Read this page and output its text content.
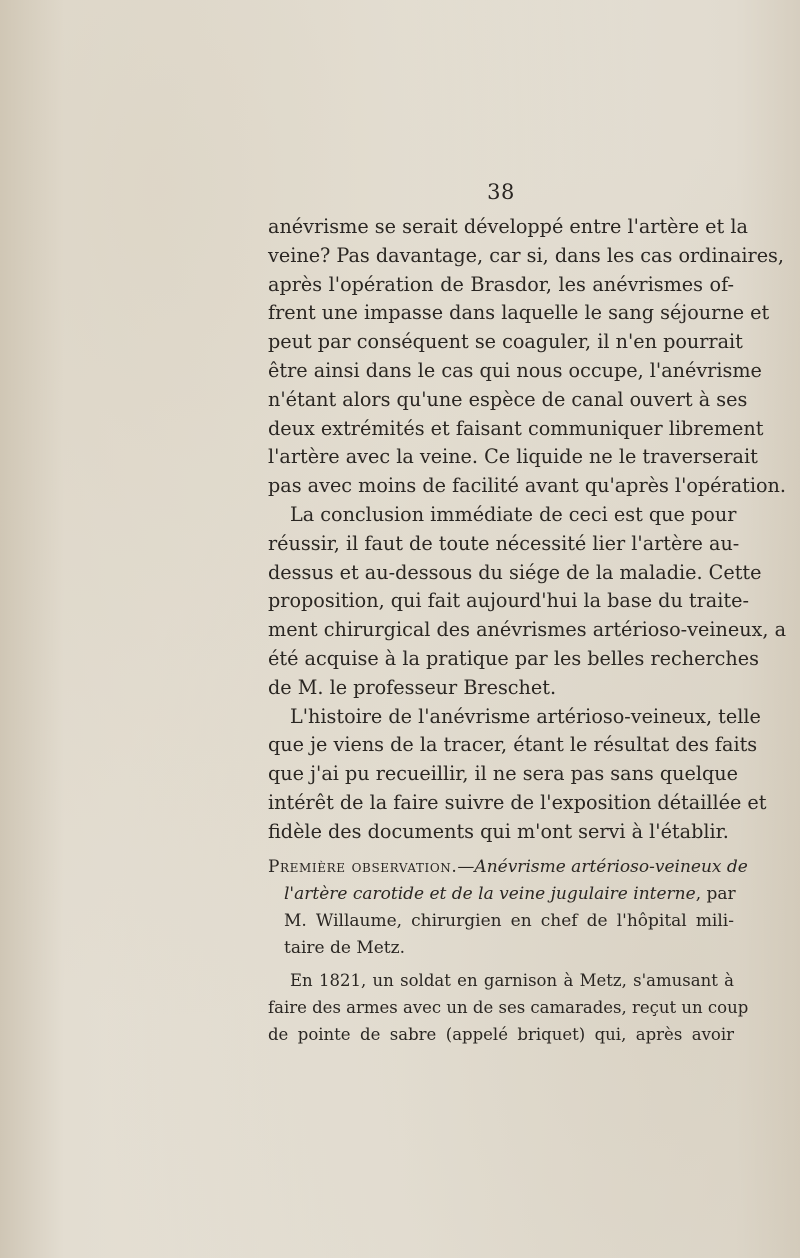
38
anévrisme se serait développé entre l'artère et la
veine? Pas davantage, car si, dans les cas ordinaires,
après l'opération de Brasdor, les anévrismes of-
frent une impasse dans laquelle le sang séjourne et
peut par conséquent se coaguler, il n'en pourrait
être ainsi dans le cas qui nous occupe, l'anévrisme
n'étant alors qu'une espèce de canal ouvert à ses
deux extrémités et faisant communiquer librement
l'artère avec la veine. Ce liquide ne le traverserait
pas avec moins de facilité avant qu'après l'opération.
La conclusion immédiate de ceci est que pour
réussir, il faut de toute nécessité lier l'artère au-
dessus et au-dessous du siége de la maladie. Cette
proposition, qui fait aujourd'hui la base du traite-
ment chirurgical des anévrismes artérioso-veineux, a
été acquise à la pratique par les belles recherches
de M. le professeur Breschet.
L'histoire de l'anévrisme artérioso-veineux, telle
que je viens de la tracer, étant le résultat des faits
que j'ai pu recueillir, il ne sera pas sans quelque
intérêt de la faire suivre de l'exposition détaillée et
fidèle des documents qui m'ont servi à l'établir.
Première observation.—Anévrisme artérioso-veineux de
l'artère carotide et de la veine jugulaire interne, par
M. Willaume, chirurgien en chef de l'hôpital mili-
taire de Metz.
En 1821, un soldat en garnison à Metz, s'amusant à
faire des armes avec un de ses camarades, reçut un coup
de pointe de sabre (appelé briquet) qui, après avoir
